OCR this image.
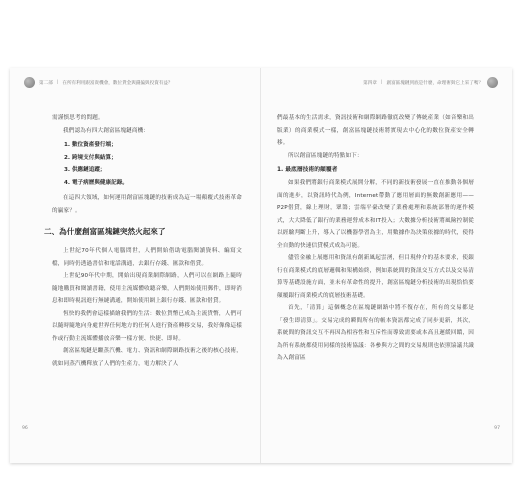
第二部 | 在所有利用跟富貴機會，數位貨金與錢偏與投資有益？

需謹慎思考的問題。

我們認為有四大創富區塊鏈商機：

1. 數位資產發行端；
2. 跨境支付與結算；
3. 供應鏈追蹤；
4. 電子病歷與健康記錄。

在這四大領域，如何運用創富區塊鏈的技術成為這一場顛覆式技術革命的贏家？。

二、為什麼創富區塊鏈突然火起來了

上世紀70年代個人電腦問世，人們開始借助電腦閱讀資料、編寫文檔，同時仍透過書信和電話溝通，去銀行存錢、匯款和借貸。

上世紀90年代中期，開始出現商業網際網路，人們可以在網路上隨時隨地購買和閱讀書籍，使用主流媒體收聽音樂，人們開始使用郵件，即時消息和即時視訊進行無縫溝通，開始使用網上銀行存錢、匯款和借貸。

恆快的我們會這樣描繪我們的生活：數位貨幣已成為主流貨幣，人們可以隨時隨地向身處世界任何地方的任何人進行資產轉移交易，我好像像這樣作或行動主流媒體播放音樂一樣方便、快捷、即時。

創富區塊鏈是繼蒸汽機、電力、資訊和網際網路技術之後的核心技術，就如同蒸汽機釋放了人們的生產力，電力解決了人

96
第四章 | 創富區塊鏈到底是什麼，命理術與它上采了嗎？

們最基本的生活需求，資訊技術和網際網路徹底改變了傳統產業（如音樂和出版業）的商業模式一樣，創富區塊鏈技術將實現去中心化的數位資產安全轉移。

所以創富區塊鏈的特點如下：

1. 最底層技術的顛覆者

如果我們將銀行商業模式展開分解，不同的新技術發展一直在推動各個層面的進步，以資訊時代為例，Internet帶動了應用層面的無數創新應用——P2P借貸，線上理財，眾籌；雲端平臺改變了業務處理和系統部署的運作模式，大大降低了銀行的業務運營成本和IT投入；大數據分析技術將風險控制從以經驗判斷上升，導入了以機器學習為主，用數據作為決策依據的時代，使得全自動的快速信貸模式成為可能。

儘管金融上展應用和資訊有創新風起雲湧，但目現仲介的基本要求，使銀行在商業模式的底層邏輯和架構始終，例如系統間的資訊交互方式以及交易清算等基礎設施方面，並未有革命性的提升，創富區塊鏈分析技術的出現恰恰要顛覆銀行商業模式的底層技術基礎。

首先，「清算」這個概念在區塊鏈網路中將不復存在，所有的交易都是「發生即清算」。交易完成的瞬間所有的帳本資訊都完成了同步更新，其次，系統間的資訊交互不再因為相容性和互斥性而導致需要或本高且遲緩回饋，因為所有系統都使用同樣的技術協議：各參與方之間的交易規則也依照協議共識為入創富區

97
